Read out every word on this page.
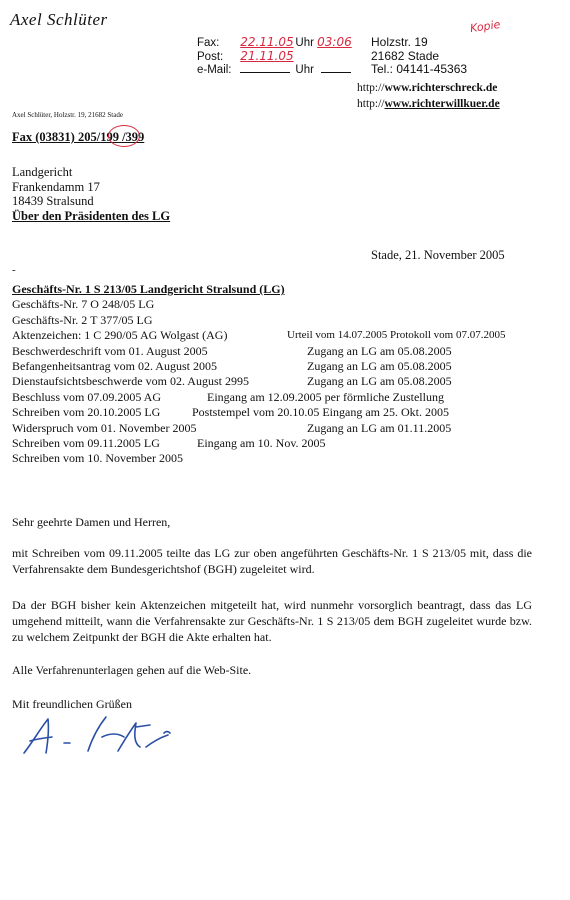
Axel Schlüter	Kopie
Fax: 22.11.05 Uhr 03:06
Post: 21.11.05
e-Mail:	Uhr
Holzstr. 19
21682 Stade
Tel.: 04141-45363
http://www.richterschreck.de
http://www.richterwillkuer.de
Axel Schlüter, Holzstr. 19, 21682 Stade
Fax (03831) 205/199 /399
Landgericht
Frankendamm 17
18439 Stralsund
Über den Präsidenten des LG
Stade, 21. November 2005
-
Geschäfts-Nr. 1 S 213/05 Landgericht Stralsund (LG)
Geschäfts-Nr. 7 O 248/05 LG
Geschäfts-Nr. 2 T 377/05 LG
Aktenzeichen: 1 C 290/05 AG Wolgast (AG)	Urteil vom 14.07.2005 Protokoll vom 07.07.2005
Beschwerdeschrift vom 01. August 2005	Zugang an LG am 05.08.2005
Befangenheitsantrag vom 02. August 2005	Zugang an LG am 05.08.2005
Dienstaufsichtsbeschwerde vom 02. August 2995	Zugang an LG am 05.08.2005
Beschluss vom 07.09.2005 AG	Eingang am 12.09.2005 per förmliche Zustellung
Schreiben vom 20.10.2005 LG	Poststempel vom 20.10.05 Eingang am 25. Okt. 2005
Widerspruch vom 01. November 2005	Zugang an LG am 01.11.2005
Schreiben vom 09.11.2005 LG	Eingang am 10. Nov. 2005
Schreiben vom 10. November 2005
Sehr geehrte Damen und Herren,
mit Schreiben vom 09.11.2005 teilte das LG zur oben angeführten Geschäfts-Nr. 1 S 213/05 mit, dass die Verfahrensakte dem Bundesgerichtshof (BGH) zugeleitet wird.
Da der BGH bisher kein Aktenzeichen mitgeteilt hat, wird nunmehr vorsorglich beantragt, dass das LG umgehend mitteilt, wann die Verfahrensakte zur Geschäfts-Nr. 1 S 213/05 dem BGH zugeleitet wurde bzw. zu welchem Zeitpunkt der BGH die Akte erhalten hat.
Alle Verfahrenunterlagen gehen auf die Web-Site.
Mit freundlichen Grüßen
